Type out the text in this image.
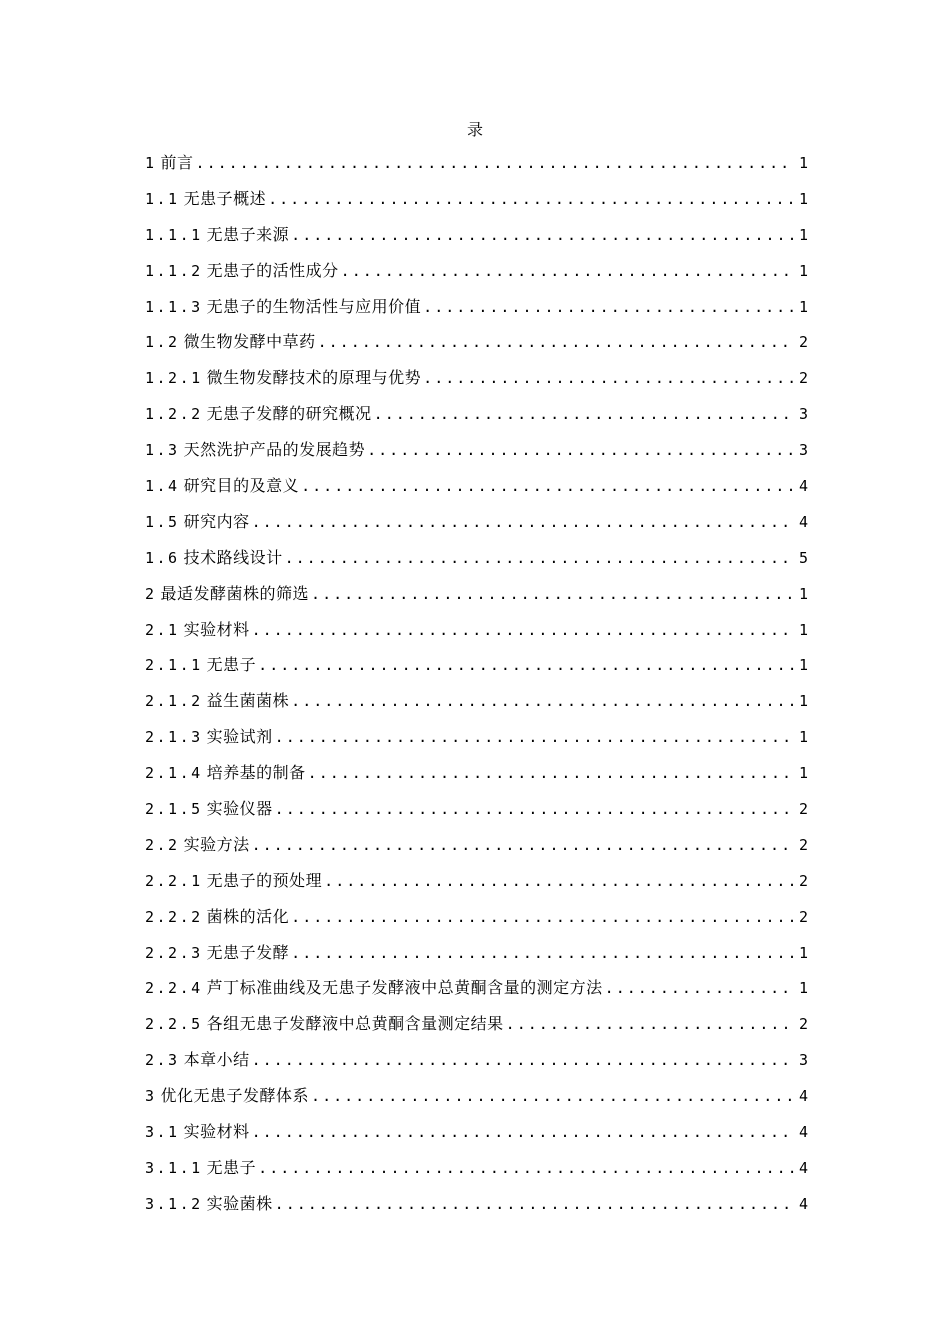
录
1 前言 .....	1
1.1 无患子概述 .....	1
1.1.1 无患子来源 .....	1
1.1.2 无患子的活性成分 .....	1
1.1.3 无患子的生物活性与应用价值 .....	1
1.2 微生物发酵中草药 .....	2
1.2.1 微生物发酵技术的原理与优势 .....	2
1.2.2 无患子发酵的研究概况 .....	3
1.3 天然洗护产品的发展趋势 .....	3
1.4 研究目的及意义 .....	4
1.5 研究内容 .....	4
1.6 技术路线设计 .....	5
2 最适发酵菌株的筛选 .....	1
2.1 实验材料 .....	1
2.1.1 无患子 .....	1
2.1.2 益生菌菌株 .....	1
2.1.3 实验试剂 .....	1
2.1.4 培养基的制备 .....	1
2.1.5 实验仪器 .....	2
2.2 实验方法 .....	2
2.2.1 无患子的预处理 .....	2
2.2.2 菌株的活化 .....	2
2.2.3 无患子发酵 .....	1
2.2.4 芦丁标准曲线及无患子发酵液中总黄酮含量的测定方法 .....	1
2.2.5 各组无患子发酵液中总黄酮含量测定结果 .....	2
2.3 本章小结 .....	3
3 优化无患子发酵体系 .....	4
3.1 实验材料 .....	4
3.1.1 无患子 .....	4
3.1.2 实验菌株 .....	4
